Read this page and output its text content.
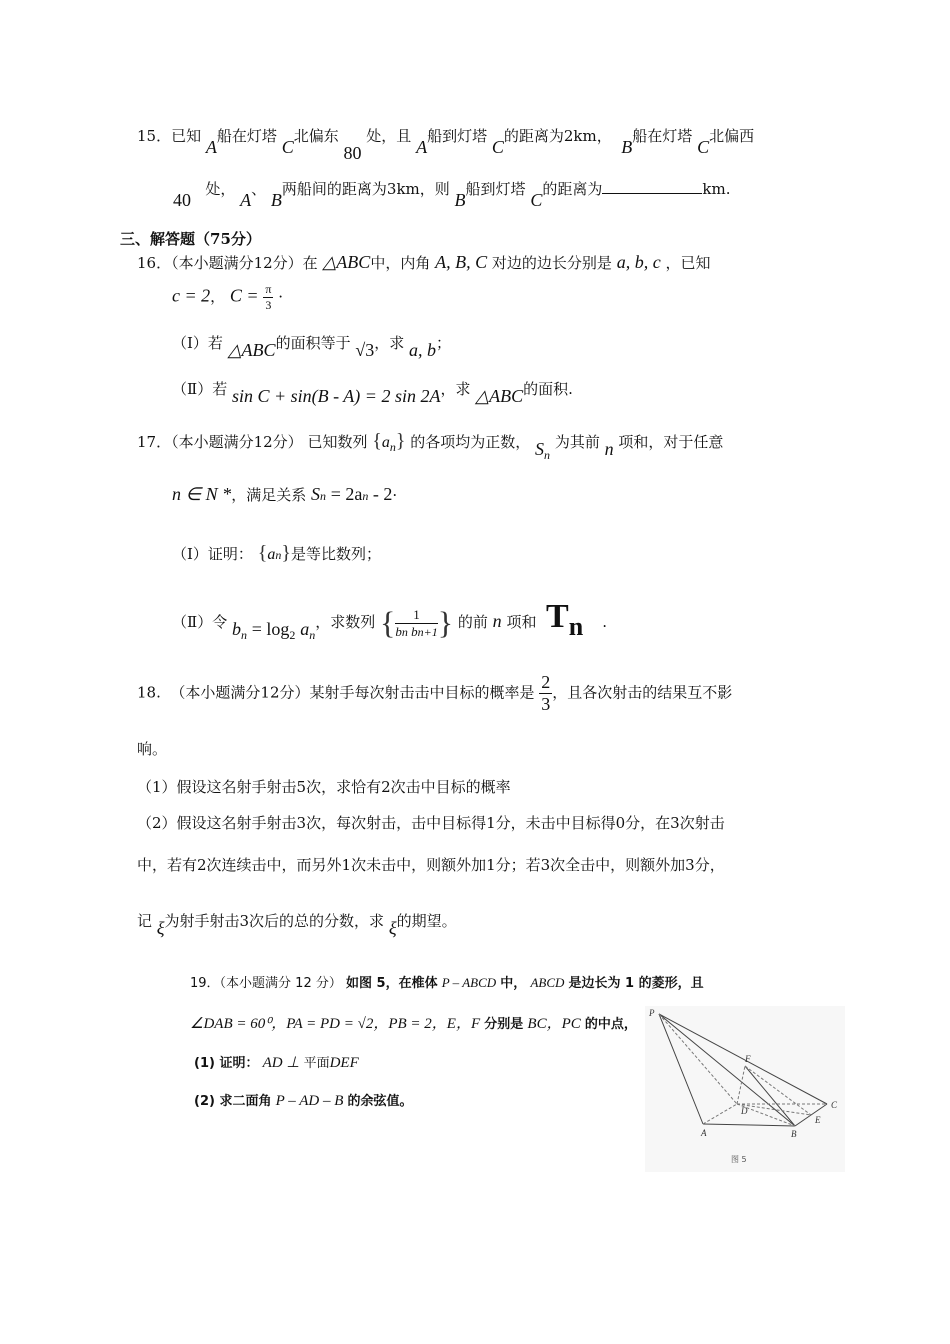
15．已知 A船在灯塔 C北偏东 80 处，且 A船到灯塔 C的距离为2km，  B船在灯塔 C北偏西
40   处， A、 B两船间的距离为3km，则 B船到灯塔 C的距离为	km.
三、解答题（75分）
16．（本小题满分12分）在 △ABC中，内角 A, B, C 对边的边长分别是 a, b, c ，已知
c = 2， $C = \frac{\pi}{3}$ ·
（Ⅰ）若 △ABC的面积等于 √3，求 a, b；
（Ⅱ）若 sin C + sin(B - A) = 2 sin 2A，求 △ABC的面积.
17．（本小题满分12分） 已知数列 $\{a_n\}$ 的各项均为正数， $S_n$ 为其前 n 项和，对于任意
n ∈ N *，满足关系 Sn = 2an - 2·
（Ⅰ）证明： {an}是等比数列；
（Ⅱ）令 $b_n = \log_2 a_n$，求数列 { $\frac{1}{\text{bn bn+1}}$ } 的前 n 项和 Tn .
18. （本小题满分12分）某射手每次射击击中目标的概率是 $\frac{2}{3}$ ，且各次射击的结果互不影
响。
（1）假设这名射手射击5次，求恰有2次击中目标的概率
（2）假设这名射手射击3次，每次射击，击中目标得1分，未击中目标得0分，在3次射击
中，若有2次连续击中，而另外1次未击中，则额外加1分；若3次全击中，则额外加3分，
记 ξ为射手射击3次后的总的分数，求 ξ的期望。
19．（本小题满分 12 分） 如图 5，在椎体 P – ABCD 中， ABCD 是边长为 1 的菱形，且
∠DAB = 60⁰，PA = PD = √2，PB = 2，E，F 分别是 BC，PC 的中点，
(1) 证明： AD ⊥ 平面DEF
(2) 求二面角 P – AD – B 的余弦值。
P
F
D
C
A	B
E
图 5
